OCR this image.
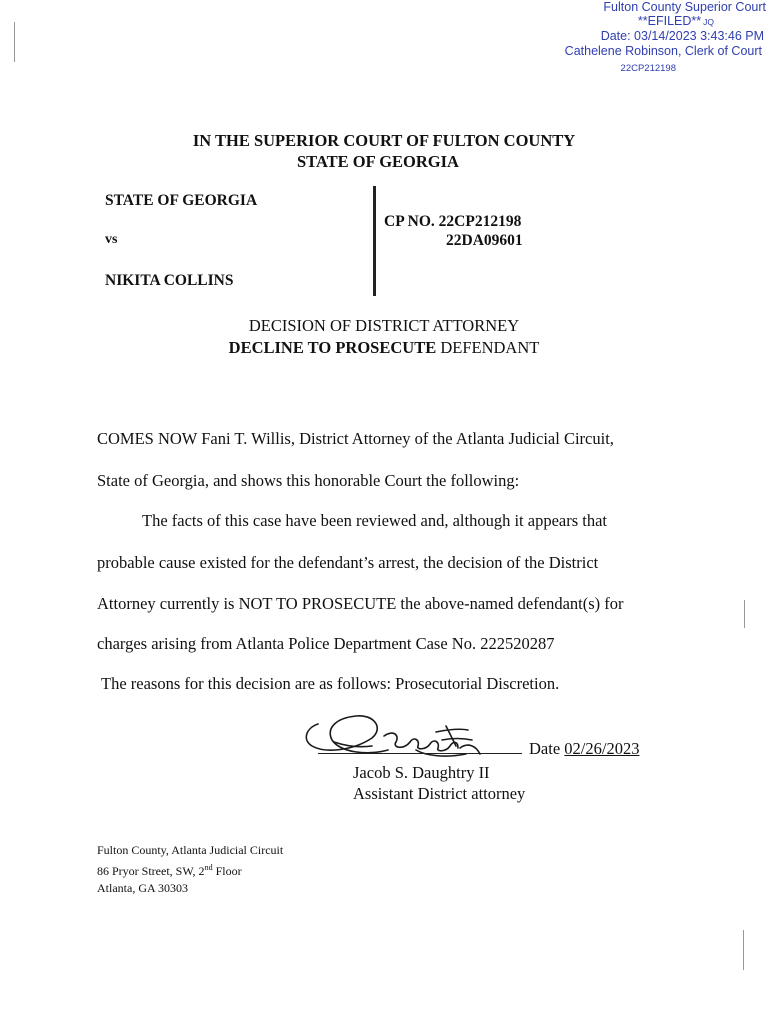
Fulton County Superior Court
**EFILED** JQ
Date: 03/14/2023 3:43:46 PM
Cathelene Robinson, Clerk of Court
22CP212198
IN THE SUPERIOR COURT OF FULTON COUNTY
STATE OF GEORGIA
STATE OF GEORGIA
vs
NIKITA COLLINS
CP NO. 22CP212198
22DA09601
DECISION OF DISTRICT ATTORNEY
DECLINE TO PROSECUTE DEFENDANT
COMES NOW Fani T. Willis, District Attorney of the Atlanta Judicial Circuit,
State of Georgia, and shows this honorable Court the following:
The facts of this case have been reviewed and, although it appears that
probable cause existed for the defendant’s arrest, the decision of the District
Attorney currently is NOT TO PROSECUTE the above-named defendant(s) for
charges arising from Atlanta Police Department Case No. 222520287
The reasons for this decision are as follows: Prosecutorial Discretion.
Date 02/26/2023
Jacob S. Daughtry II
Assistant District attorney
Fulton County, Atlanta Judicial Circuit
86 Pryor Street, SW, 2nd Floor
Atlanta, GA 30303
